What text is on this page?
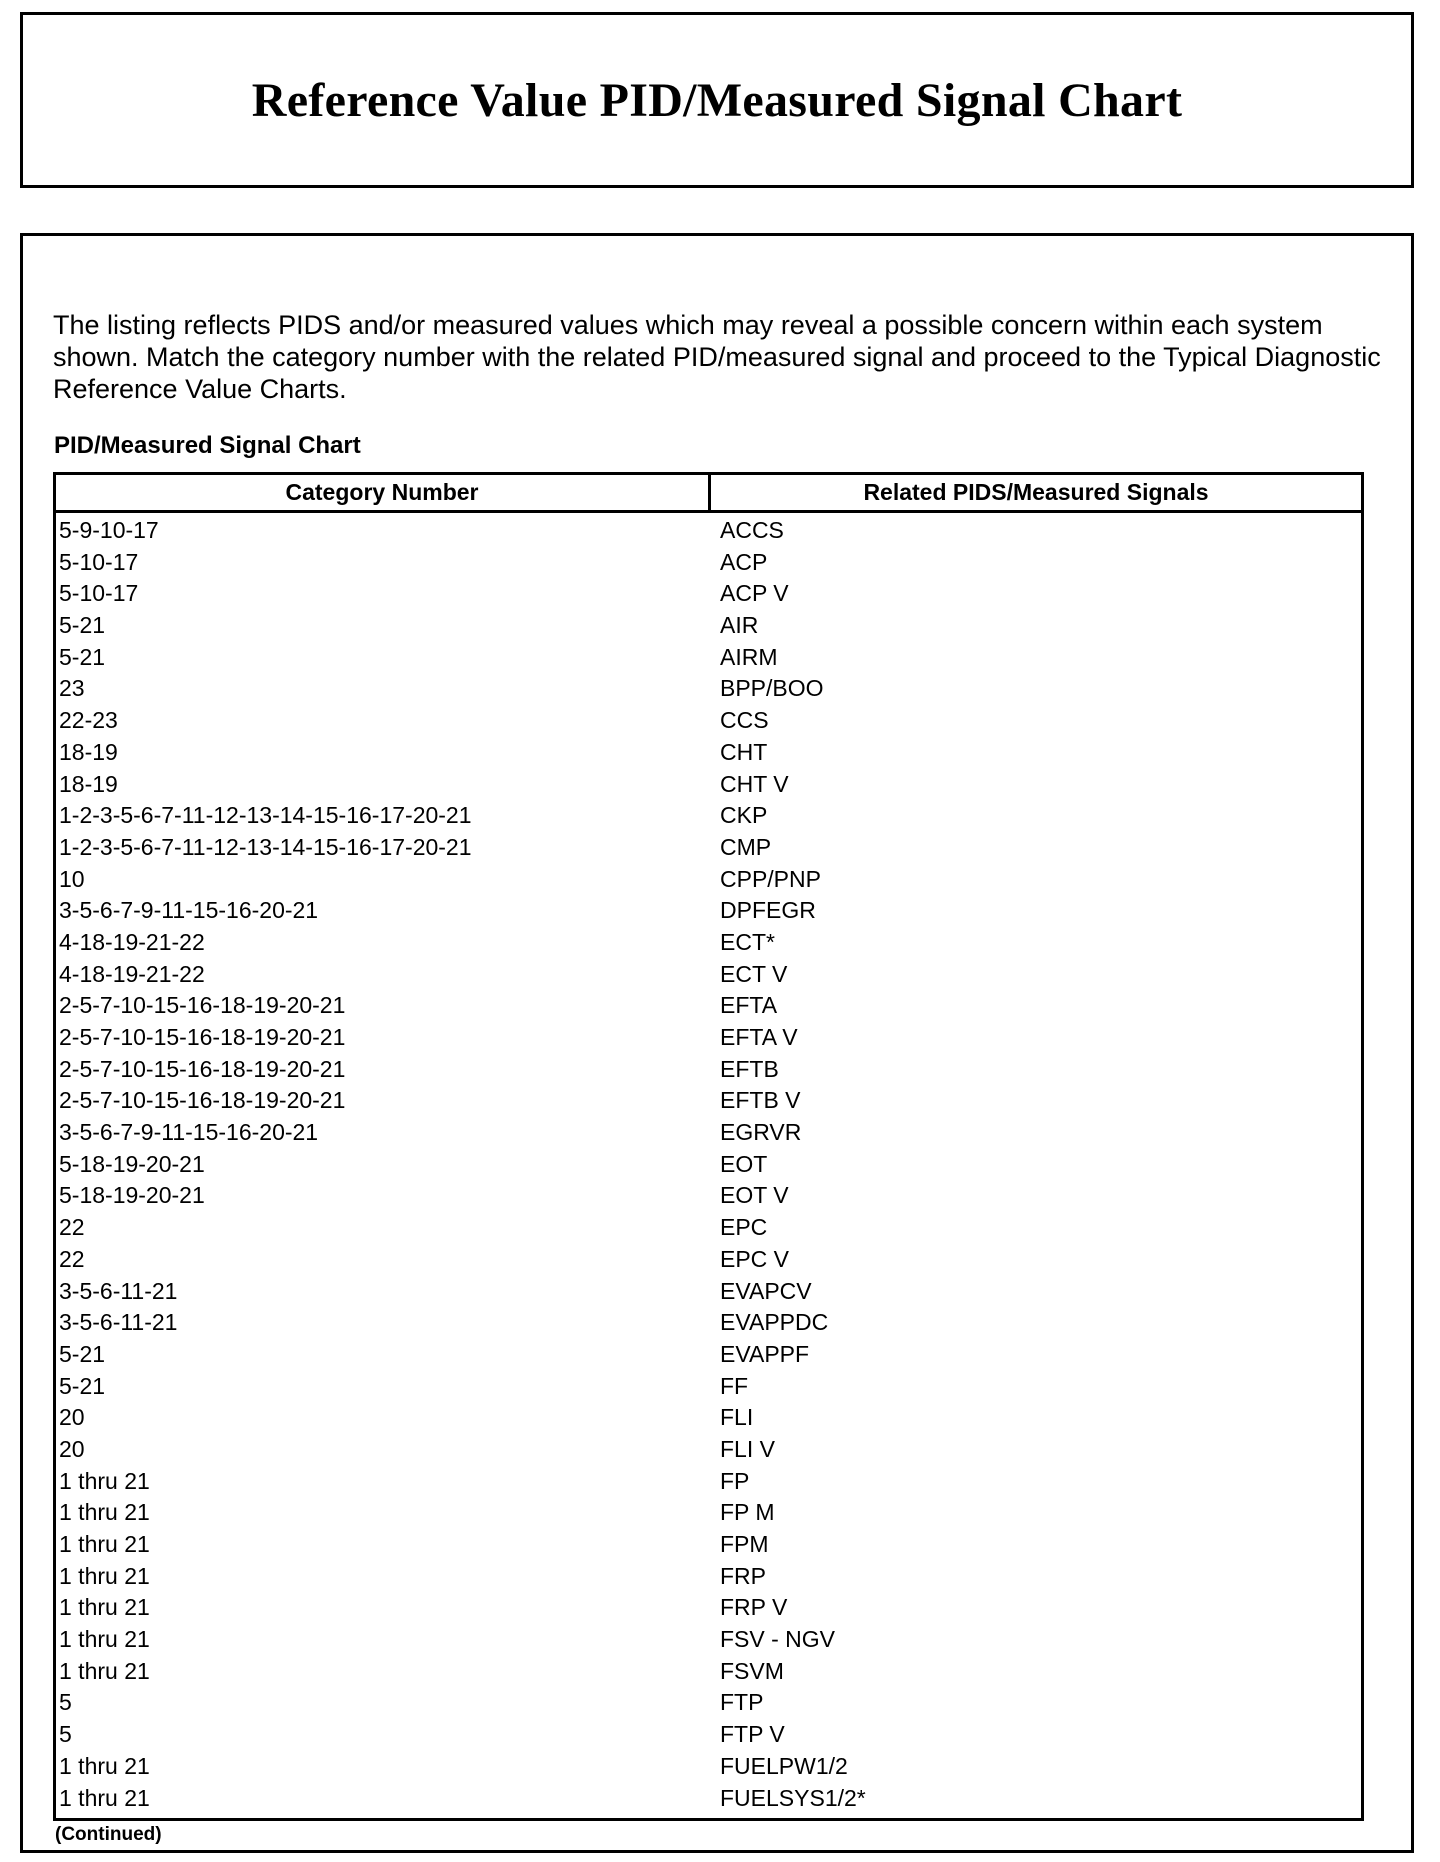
Reference Value PID/Measured Signal Chart

The listing reflects PIDS and/or measured values which may reveal a possible concern within each system shown. Match the category number with the related PID/measured signal and proceed to the Typical Diagnostic Reference Value Charts.

PID/Measured Signal Chart

Category Number	Related PIDS/Measured Signals
5-9-10-17	ACCS
5-10-17	ACP
5-10-17	ACP V
5-21	AIR
5-21	AIRM
23	BPP/BOO
22-23	CCS
18-19	CHT
18-19	CHT V
1-2-3-5-6-7-11-12-13-14-15-16-17-20-21	CKP
1-2-3-5-6-7-11-12-13-14-15-16-17-20-21	CMP
10	CPP/PNP
3-5-6-7-9-11-15-16-20-21	DPFEGR
4-18-19-21-22	ECT*
4-18-19-21-22	ECT V
2-5-7-10-15-16-18-19-20-21	EFTA
2-5-7-10-15-16-18-19-20-21	EFTA V
2-5-7-10-15-16-18-19-20-21	EFTB
2-5-7-10-15-16-18-19-20-21	EFTB V
3-5-6-7-9-11-15-16-20-21	EGRVR
5-18-19-20-21	EOT
5-18-19-20-21	EOT V
22	EPC
22	EPC V
3-5-6-11-21	EVAPCV
3-5-6-11-21	EVAPPDC
5-21	EVAPPF
5-21	FF
20	FLI
20	FLI V
1 thru 21	FP
1 thru 21	FP M
1 thru 21	FPM
1 thru 21	FRP
1 thru 21	FRP V
1 thru 21	FSV - NGV
1 thru 21	FSVM
5	FTP
5	FTP V
1 thru 21	FUELPW1/2
1 thru 21	FUELSYS1/2*

(Continued)
